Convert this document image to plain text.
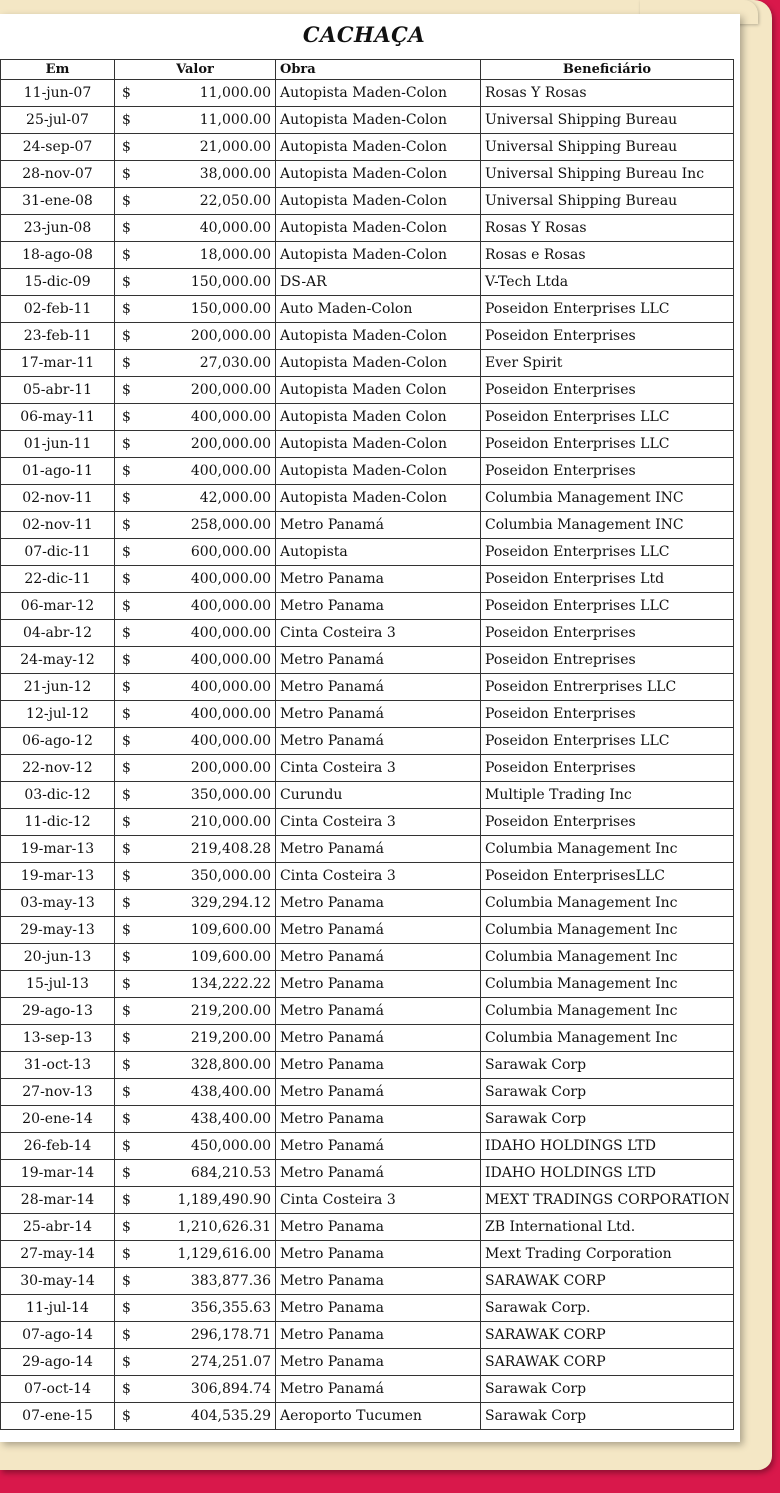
CACHAÇA
Em	Valor	Obra	Beneficiário
11-jun-07	$ 11,000.00	Autopista Maden-Colon	Rosas Y Rosas
25-jul-07	$ 11,000.00	Autopista Maden-Colon	Universal Shipping Bureau
24-sep-07	$ 21,000.00	Autopista Maden-Colon	Universal Shipping Bureau
28-nov-07	$ 38,000.00	Autopista Maden-Colon	Universal Shipping Bureau Inc
31-ene-08	$ 22,050.00	Autopista Maden-Colon	Universal Shipping Bureau
23-jun-08	$ 40,000.00	Autopista Maden-Colon	Rosas Y Rosas
18-ago-08	$ 18,000.00	Autopista Maden-Colon	Rosas e Rosas
15-dic-09	$ 150,000.00	DS-AR	V-Tech Ltda
02-feb-11	$ 150,000.00	Auto Maden-Colon	Poseidon Enterprises LLC
23-feb-11	$ 200,000.00	Autopista Maden-Colon	Poseidon Enterprises
17-mar-11	$ 27,030.00	Autopista Maden-Colon	Ever Spirit
05-abr-11	$ 200,000.00	Autopista Maden Colon	Poseidon Enterprises
06-may-11	$ 400,000.00	Autopista Maden Colon	Poseidon Enterprises LLC
01-jun-11	$ 200,000.00	Autopista Maden-Colon	Poseidon Enterprises LLC
01-ago-11	$ 400,000.00	Autopista Maden-Colon	Poseidon Enterprises
02-nov-11	$ 42,000.00	Autopista Maden-Colon	Columbia Management INC
02-nov-11	$ 258,000.00	Metro Panamá	Columbia Management INC
07-dic-11	$ 600,000.00	Autopista	Poseidon Enterprises LLC
22-dic-11	$ 400,000.00	Metro Panama	Poseidon Enterprises Ltd
06-mar-12	$ 400,000.00	Metro Panama	Poseidon Enterprises LLC
04-abr-12	$ 400,000.00	Cinta Costeira 3	Poseidon Enterprises
24-may-12	$ 400,000.00	Metro Panamá	Poseidon Entreprises
21-jun-12	$ 400,000.00	Metro Panamá	Poseidon Entrerprises LLC
12-jul-12	$ 400,000.00	Metro Panamá	Poseidon Enterprises
06-ago-12	$ 400,000.00	Metro Panamá	Poseidon Enterprises LLC
22-nov-12	$ 200,000.00	Cinta Costeira 3	Poseidon Enterprises
03-dic-12	$ 350,000.00	Curundu	Multiple Trading Inc
11-dic-12	$ 210,000.00	Cinta Costeira 3	Poseidon Enterprises
19-mar-13	$ 219,408.28	Metro Panamá	Columbia Management Inc
19-mar-13	$ 350,000.00	Cinta Costeira 3	Poseidon EnterprisesLLC
03-may-13	$ 329,294.12	Metro Panama	Columbia Management Inc
29-may-13	$ 109,600.00	Metro Panamá	Columbia Management Inc
20-jun-13	$ 109,600.00	Metro Panamá	Columbia Management Inc
15-jul-13	$ 134,222.22	Metro Panama	Columbia Management Inc
29-ago-13	$ 219,200.00	Metro Panamá	Columbia Management Inc
13-sep-13	$ 219,200.00	Metro Panamá	Columbia Management Inc
31-oct-13	$ 328,800.00	Metro Panama	Sarawak Corp
27-nov-13	$ 438,400.00	Metro Panamá	Sarawak Corp
20-ene-14	$ 438,400.00	Metro Panama	Sarawak Corp
26-feb-14	$ 450,000.00	Metro Panamá	IDAHO HOLDINGS LTD
19-mar-14	$ 684,210.53	Metro Panamá	IDAHO HOLDINGS LTD
28-mar-14	$ 1,189,490.90	Cinta Costeira 3	MEXT TRADINGS CORPORATION
25-abr-14	$ 1,210,626.31	Metro Panama	ZB International Ltd.
27-may-14	$ 1,129,616.00	Metro Panama	Mext Trading Corporation
30-may-14	$ 383,877.36	Metro Panama	SARAWAK CORP
11-jul-14	$ 356,355.63	Metro Panama	Sarawak Corp.
07-ago-14	$ 296,178.71	Metro Panama	SARAWAK CORP
29-ago-14	$ 274,251.07	Metro Panama	SARAWAK CORP
07-oct-14	$ 306,894.74	Metro Panamá	Sarawak Corp
07-ene-15	$ 404,535.29	Aeroporto Tucumen	Sarawak Corp
